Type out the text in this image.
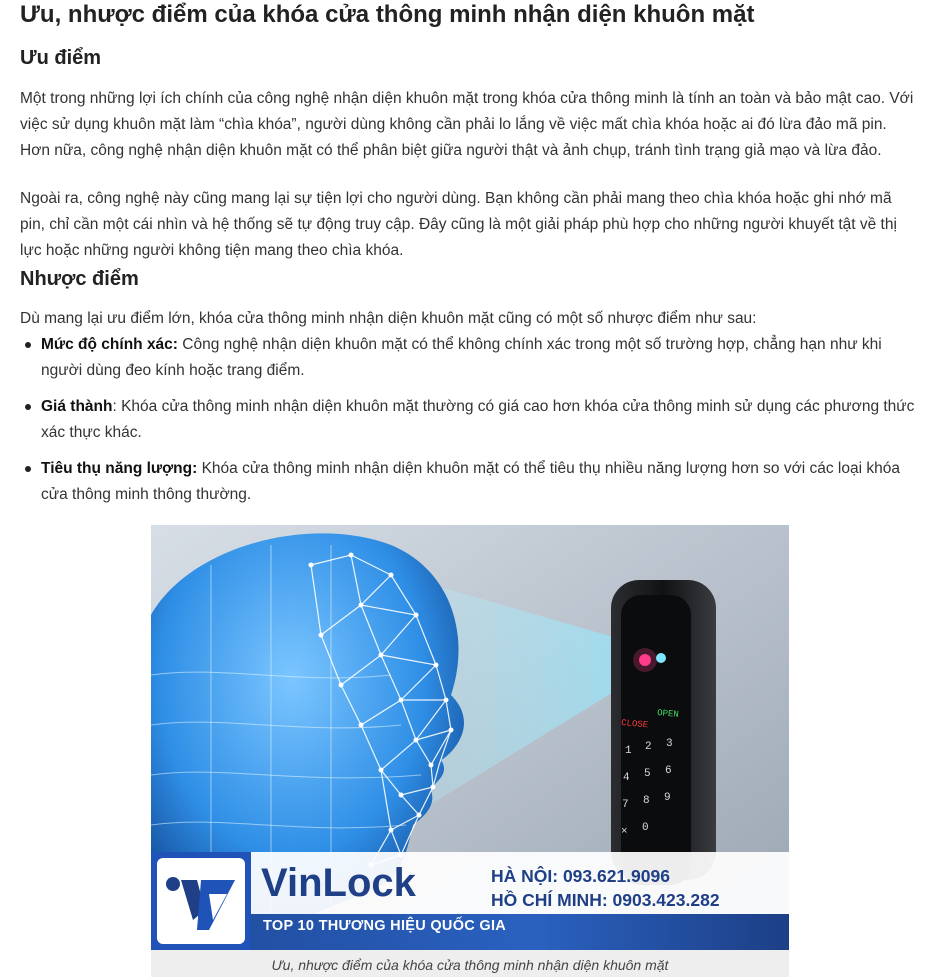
Ưu, nhược điểm của khóa cửa thông minh nhận diện khuôn mặt
Ưu điểm

Một trong những lợi ích chính của công nghệ nhận diện khuôn mặt trong khóa cửa thông minh là tính an toàn và bảo mật cao. Với việc sử dụng khuôn mặt làm “chìa khóa”, người dùng không cần phải lo lắng về việc mất chìa khóa hoặc ai đó lừa đảo mã pin. Hơn nữa, công nghệ nhận diện khuôn mặt có thể phân biệt giữa người thật và ảnh chụp, tránh tình trạng giả mạo và lừa đảo.

Ngoài ra, công nghệ này cũng mang lại sự tiện lợi cho người dùng. Bạn không cần phải mang theo chìa khóa hoặc ghi nhớ mã pin, chỉ cần một cái nhìn và hệ thống sẽ tự động truy cập. Đây cũng là một giải pháp phù hợp cho những người khuyết tật về thị lực hoặc những người không tiện mang theo chìa khóa.

Nhược điểm

Dù mang lại ưu điểm lớn, khóa cửa thông minh nhận diện khuôn mặt cũng có một số nhược điểm như sau:

Mức độ chính xác: Công nghệ nhận diện khuôn mặt có thể không chính xác trong một số trường hợp, chẳng hạn như khi người dùng đeo kính hoặc trang điểm.
Giá thành: Khóa cửa thông minh nhận diện khuôn mặt thường có giá cao hơn khóa cửa thông minh sử dụng các phương thức xác thực khác.
Tiêu thụ năng lượng: Khóa cửa thông minh nhận diện khuôn mặt có thể tiêu thụ nhiều năng lượng hơn so với các loại khóa cửa thông minh thông thường.
CLOSE
OPEN
1 2 3
4 5 6
7 8 9
× 0
VinLock	HÀ NỘI: 093.621.9096
HỒ CHÍ MINH: 0903.423.282
TOP 10 THƯƠNG HIỆU QUỐC GIA
Ưu, nhược điểm của khóa cửa thông minh nhận diện khuôn mặt
